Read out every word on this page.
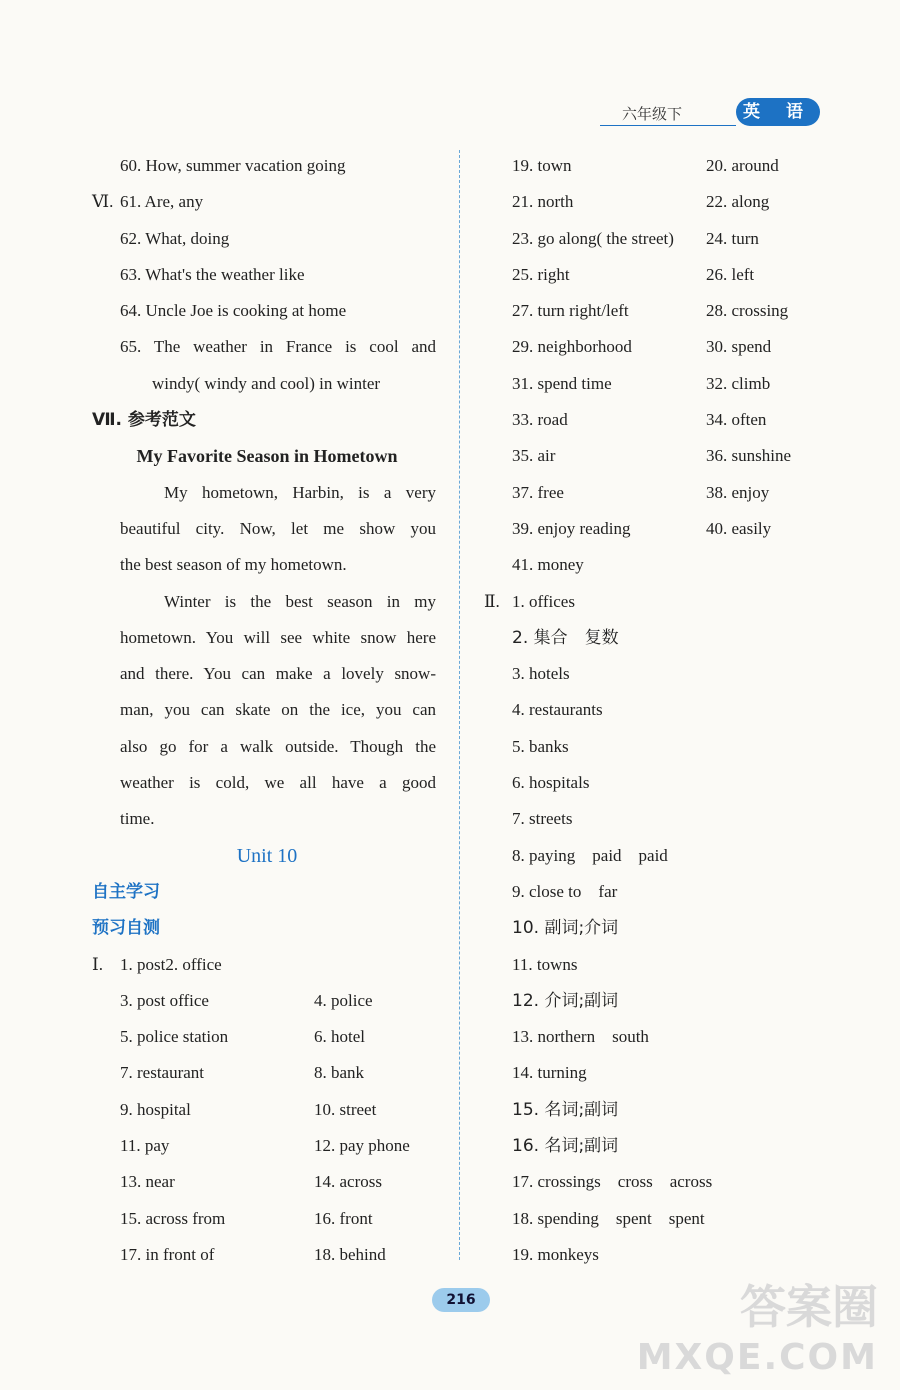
六年级下	英 语
60. How, summer vacation going
Ⅵ. 61. Are, any
62. What, doing
63. What's the weather like
64. Uncle Joe is cooking at home
65. The weather in France is cool and
windy( windy and cool) in winter
Ⅶ. 参考范文
My Favorite Season in Hometown
My hometown, Harbin, is a very
beautiful city. Now, let me show you
the best season of my hometown.
Winter is the best season in my
hometown. You will see white snow here
and there. You can make a lovely snow-
man, you can skate on the ice, you can
also go for a walk outside. Though the
weather is cold, we all have a good
time.
Unit 10
自主学习
预习自测
Ⅰ.	1. post 2. office
3. post office	4. police
5. police station	6. hotel
7. restaurant	8. bank
9. hospital	10. street
11. pay	12. pay phone
13. near	14. across
15. across from	16. front
17. in front of	18. behind
19. town	20. around
21. north	22. along
23. go along( the street)	24. turn
25. right	26. left
27. turn right/left	28. crossing
29. neighborhood	30. spend
31. spend time	32. climb
33. road	34. often
35. air	36. sunshine
37. free	38. enjoy
39. enjoy reading	40. easily
41. money
Ⅱ. 1. offices
2. 集合　复数
3. hotels
4. restaurants
5. banks
6. hospitals
7. streets
8. paying　paid　paid
9. close to　far
10. 副词;介词
11. towns
12. 介词;副词
13. northern　south
14. turning
15. 名词;副词
16. 名词;副词
17. crossings　cross　across
18. spending　spent　spent
19. monkeys
216	答案圈
MXQE.COM
